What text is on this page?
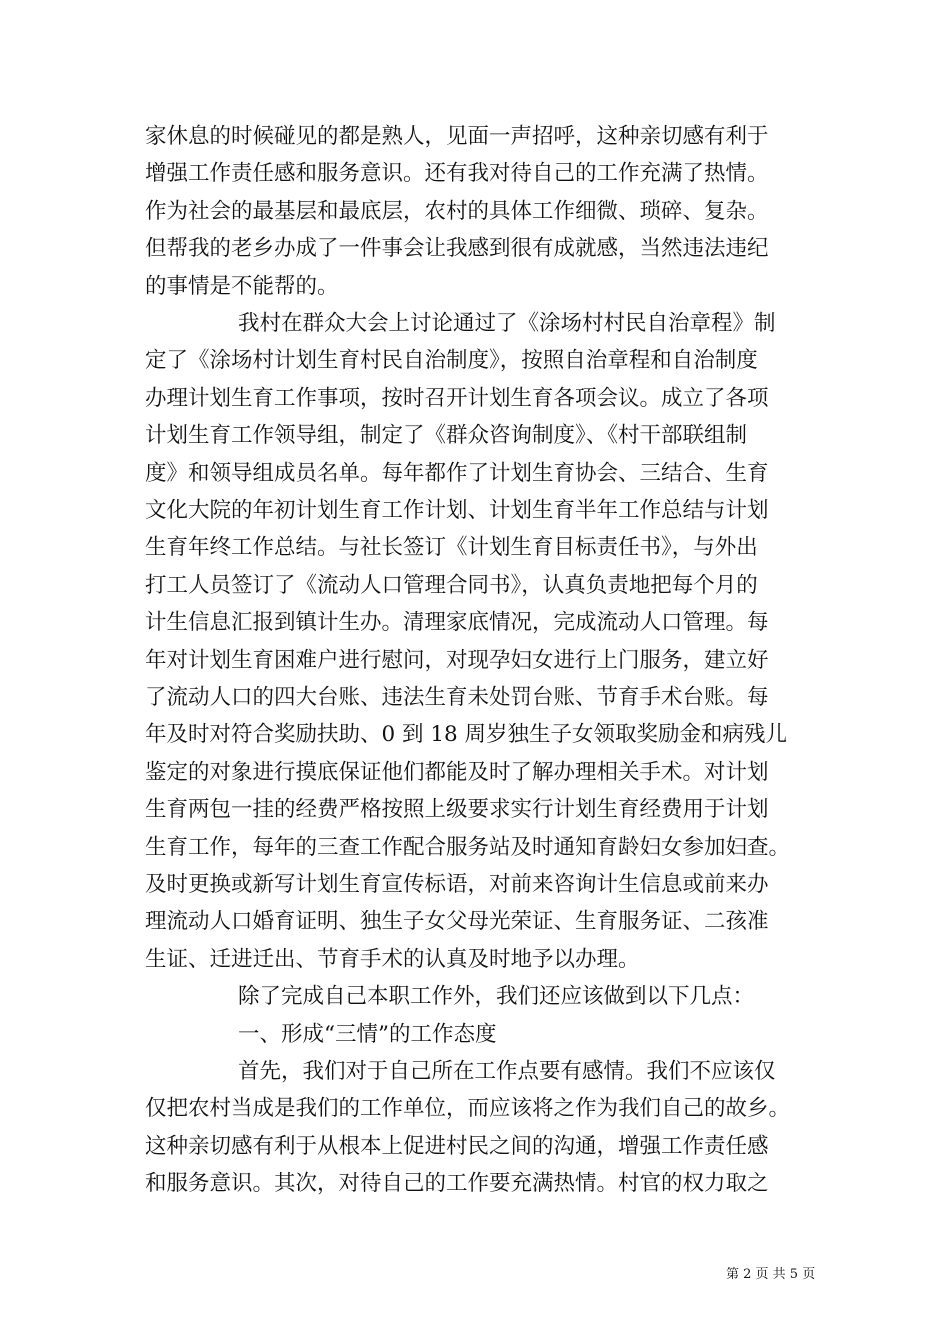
家休息的时候碰见的都是熟人，见面一声招呼，这种亲切感有利于
增强工作责任感和服务意识。还有我对待自己的工作充满了热情。
作为社会的最基层和最底层，农村的具体工作细微、琐碎、复杂。
但帮我的老乡办成了一件事会让我感到很有成就感，当然违法违纪
的事情是不能帮的。
我村在群众大会上讨论通过了《涂场村村民自治章程》制
定了《涂场村计划生育村民自治制度》，按照自治章程和自治制度
办理计划生育工作事项，按时召开计划生育各项会议。成立了各项
计划生育工作领导组，制定了《群众咨询制度》、《村干部联组制
度》和领导组成员名单。每年都作了计划生育协会、三结合、生育
文化大院的年初计划生育工作计划、计划生育半年工作总结与计划
生育年终工作总结。与社长签订《计划生育目标责任书》，与外出
打工人员签订了《流动人口管理合同书》，认真负责地把每个月的
计生信息汇报到镇计生办。清理家底情况，完成流动人口管理。每
年对计划生育困难户进行慰问，对现孕妇女进行上门服务，建立好
了流动人口的四大台账、违法生育未处罚台账、节育手术台账。每
年及时对符合奖励扶助、0 到 18 周岁独生子女领取奖励金和病残儿
鉴定的对象进行摸底保证他们都能及时了解办理相关手术。对计划
生育两包一挂的经费严格按照上级要求实行计划生育经费用于计划
生育工作，每年的三查工作配合服务站及时通知育龄妇女参加妇查。
及时更换或新写计划生育宣传标语，对前来咨询计生信息或前来办
理流动人口婚育证明、独生子女父母光荣证、生育服务证、二孩准
生证、迁进迁出、节育手术的认真及时地予以办理。
除了完成自己本职工作外，我们还应该做到以下几点：
一、形成“三情”的工作态度
首先，我们对于自己所在工作点要有感情。我们不应该仅
仅把农村当成是我们的工作单位，而应该将之作为我们自己的故乡。
这种亲切感有利于从根本上促进村民之间的沟通，增强工作责任感
和服务意识。其次，对待自己的工作要充满热情。村官的权力取之
第 2 页 共 5 页
